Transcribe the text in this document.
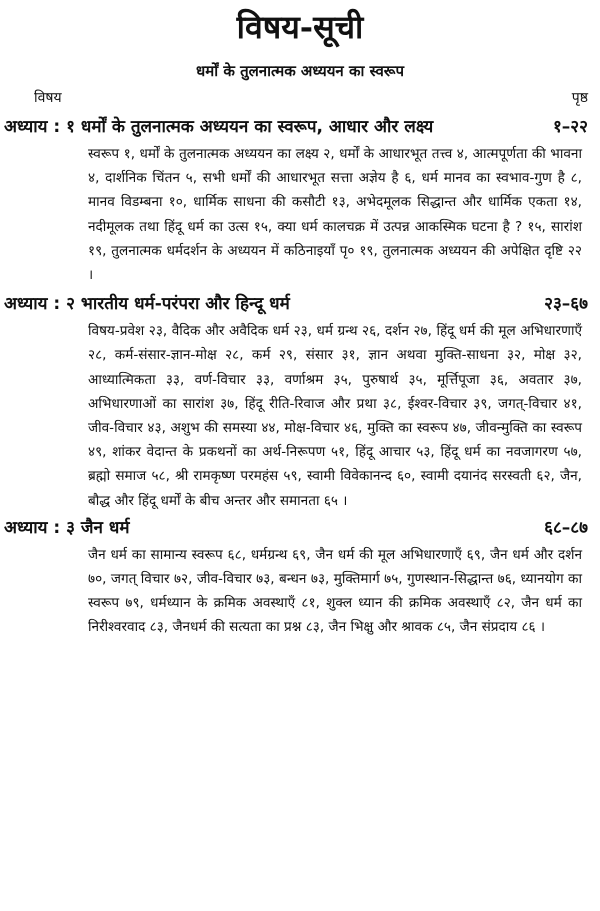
विषय-सूची
धर्मों के तुलनात्मक अध्ययन का स्वरूप
विषय	पृष्ठ
अध्याय : १ धर्मों के तुलनात्मक अध्ययन का स्वरूप, आधार और लक्ष्य	१–२२
स्वरूप १, धर्मों के तुलनात्मक अध्ययन का लक्ष्य २, धर्मों के आधारभूत तत्त्व ४, आत्मपूर्णता की भावना ४, दार्शनिक चिंतन ५, सभी धर्मों की आधारभूत सत्ता अज्ञेय है ६, धर्म मानव का स्वभाव-गुण है ८, मानव विडम्बना १०, धार्मिक साधना की कसौटी १३, अभेदमूलक सिद्धान्त और धार्मिक एकता १४, नदीमूलक तथा हिंदू धर्म का उत्स १५, क्या धर्म कालचक्र में उत्पन्न आकस्मिक घटना है ? १५, सारांश १९, तुलनात्मक धर्मदर्शन के अध्ययन में कठिनाइयाँ पृ० १९, तुलनात्मक अध्ययन की अपेक्षित दृष्टि २२ ।
अध्याय : २ भारतीय धर्म-परंपरा और हिन्दू धर्म	२३–६७
विषय-प्रवेश २३, वैदिक और अवैदिक धर्म २३, धर्म ग्रन्थ २६, दर्शन २७, हिंदू धर्म की मूल अभिधारणाएँ २८, कर्म-संसार-ज्ञान-मोक्ष २८, कर्म २९, संसार ३१, ज्ञान अथवा मुक्ति-साधना ३२, मोक्ष ३२, आध्यात्मिकता ३३, वर्ण-विचार ३३, वर्णाश्रम ३५, पुरुषार्थ ३५, मूर्त्तिपूजा ३६, अवतार ३७, अभिधारणाओं का सारांश ३७, हिंदू रीति-रिवाज और प्रथा ३८, ईश्वर-विचार ३९, जगत्-विचार ४१, जीव-विचार ४३, अशुभ की समस्या ४४, मोक्ष-विचार ४६, मुक्ति का स्वरूप ४७, जीवन्मुक्ति का स्वरूप ४९, शांकर वेदान्त के प्रकथनों का अर्थ-निरूपण ५१, हिंदू आचार ५३, हिंदू धर्म का नवजागरण ५७, ब्रह्मो समाज ५८, श्री रामकृष्ण परमहंस ५९, स्वामी विवेकानन्द ६०, स्वामी दयानंद सरस्वती ६२, जैन, बौद्ध और हिंदू धर्मों के बीच अन्तर और समानता ६५ ।
अध्याय : ३ जैन धर्म	६८–८७
जैन धर्म का सामान्य स्वरूप ६८, धर्मग्रन्थ ६९, जैन धर्म की मूल अभिधारणाएँ ६९, जैन धर्म और दर्शन ७०, जगत् विचार ७२, जीव-विचार ७३, बन्धन ७३, मुक्तिमार्ग ७५, गुणस्थान-सिद्धान्त ७६, ध्यानयोग का स्वरूप ७९, धर्मध्यान के क्रमिक अवस्थाएँ ८१, शुक्ल ध्यान की क्रमिक अवस्थाएँ ८२, जैन धर्म का निरीश्वरवाद ८३, जैनधर्म की सत्यता का प्रश्न ८३, जैन भिक्षु और श्रावक ८५, जैन संप्रदाय ८६ ।
